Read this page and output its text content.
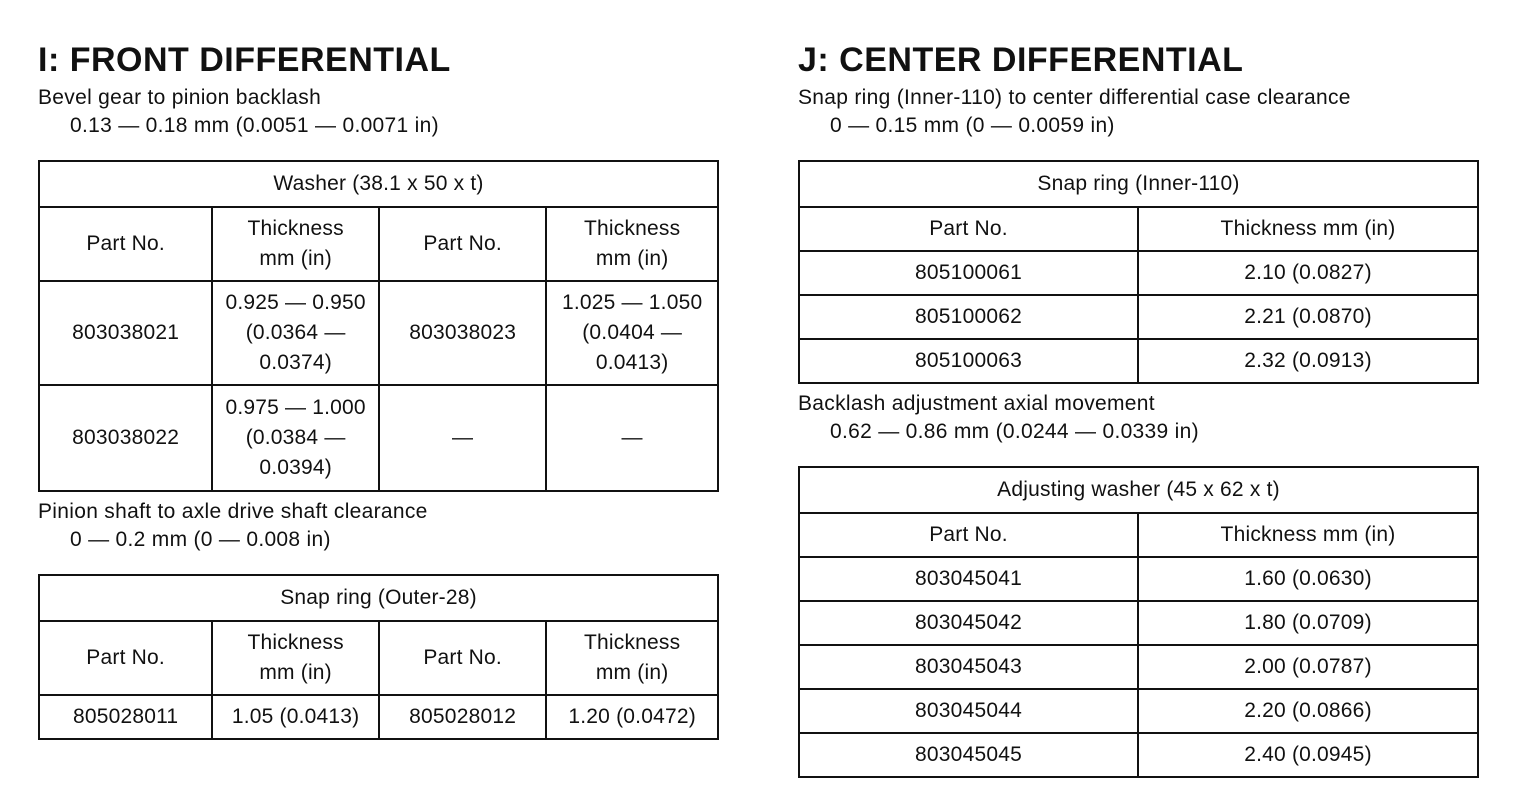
I: FRONT DIFFERENTIAL

Bevel gear to pinion backlash

0.13 — 0.18 mm (0.0051 — 0.0071 in)

Washer (38.1 x 50 x t)			
Part No.	Thickness mm (in)	Part No.	Thickness mm (in)
803038021	0.925 — 0.950 (0.0364 — 0.0374)	803038023	1.025 — 1.050 (0.0404 — 0.0413)
803038022	0.975 — 1.000 (0.0384 — 0.0394)	—	—

Pinion shaft to axle drive shaft clearance

0 — 0.2 mm (0 — 0.008 in)

Snap ring (Outer-28)			
Part No.	Thickness mm (in)	Part No.	Thickness mm (in)
805028011	1.05 (0.0413)	805028012	1.20 (0.0472)
J: CENTER DIFFERENTIAL

Snap ring (Inner-110) to center differential case clearance

0 — 0.15 mm (0 — 0.0059 in)

Snap ring (Inner-110)	
Part No.	Thickness mm (in)
805100061	2.10 (0.0827)
805100062	2.21 (0.0870)
805100063	2.32 (0.0913)

Backlash adjustment axial movement

0.62 — 0.86 mm (0.0244 — 0.0339 in)

Adjusting washer (45 x 62 x t)	
Part No.	Thickness mm (in)
803045041	1.60 (0.0630)
803045042	1.80 (0.0709)
803045043	2.00 (0.0787)
803045044	2.20 (0.0866)
803045045	2.40 (0.0945)
